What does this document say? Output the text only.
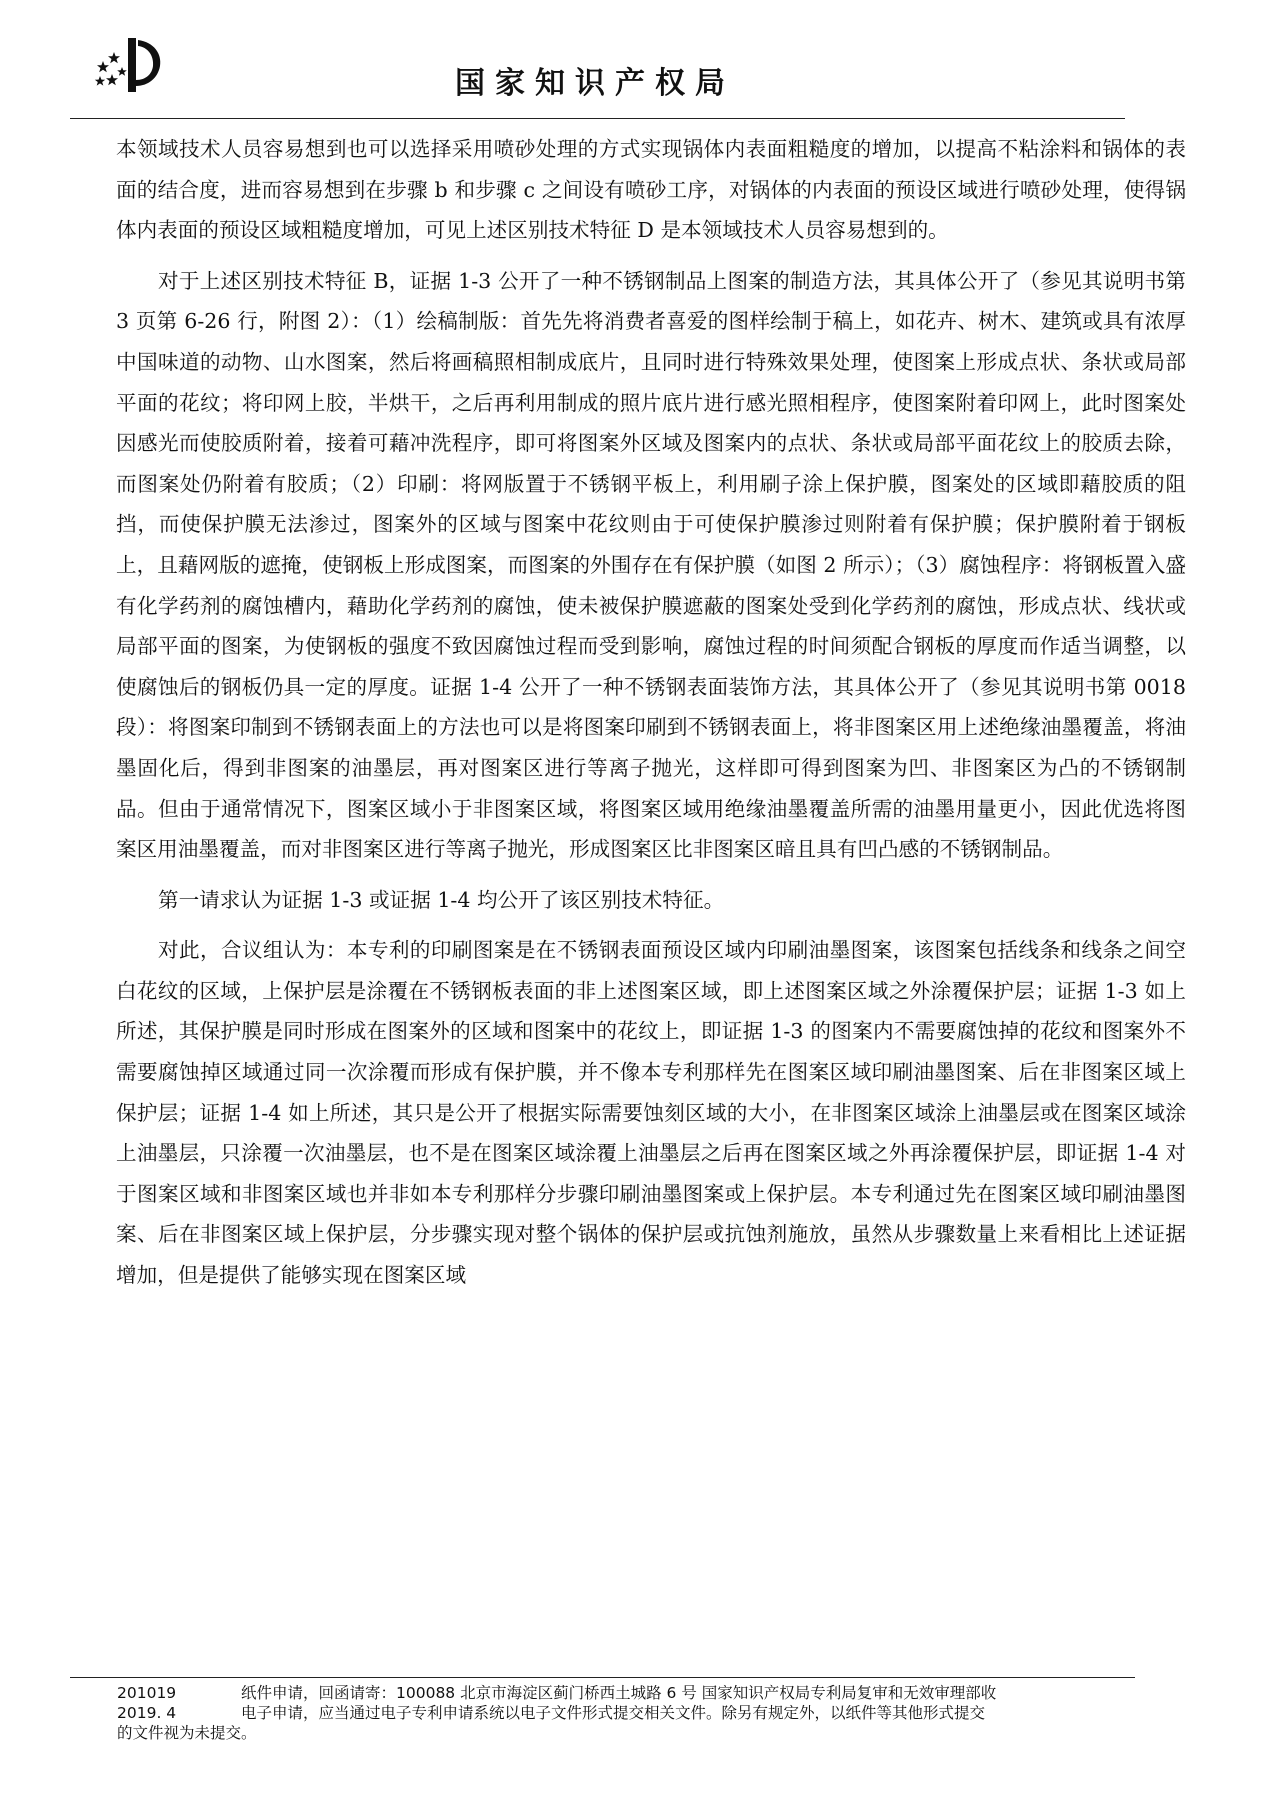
国家知识产权局

本领域技术人员容易想到也可以选择采用喷砂处理的方式实现锅体内表面粗糙度的增加，以提高不粘涂料和锅体的表面的结合度，进而容易想到在步骤 b 和步骤 c 之间设有喷砂工序，对锅体的内表面的预设区域进行喷砂处理，使得锅体内表面的预设区域粗糙度增加，可见上述区别技术特征 D 是本领域技术人员容易想到的。

对于上述区别技术特征 B，证据 1-3 公开了一种不锈钢制品上图案的制造方法，其具体公开了（参见其说明书第 3 页第 6-26 行，附图 2）：（1）绘稿制版：首先先将消费者喜爱的图样绘制于稿上，如花卉、树木、建筑或具有浓厚中国味道的动物、山水图案，然后将画稿照相制成底片，且同时进行特殊效果处理，使图案上形成点状、条状或局部平面的花纹；将印网上胶，半烘干，之后再利用制成的照片底片进行感光照相程序，使图案附着印网上，此时图案处因感光而使胶质附着，接着可藉冲洗程序，即可将图案外区域及图案内的点状、条状或局部平面花纹上的胶质去除，而图案处仍附着有胶质；（2）印刷：将网版置于不锈钢平板上，利用刷子涂上保护膜，图案处的区域即藉胶质的阻挡，而使保护膜无法渗过，图案外的区域与图案中花纹则由于可使保护膜渗过则附着有保护膜；保护膜附着于钢板上，且藉网版的遮掩，使钢板上形成图案，而图案的外围存在有保护膜（如图 2 所示）；（3）腐蚀程序：将钢板置入盛有化学药剂的腐蚀槽内，藉助化学药剂的腐蚀，使未被保护膜遮蔽的图案处受到化学药剂的腐蚀，形成点状、线状或局部平面的图案，为使钢板的强度不致因腐蚀过程而受到影响，腐蚀过程的时间须配合钢板的厚度而作适当调整，以使腐蚀后的钢板仍具一定的厚度。证据 1-4 公开了一种不锈钢表面装饰方法，其具体公开了（参见其说明书第 0018 段）：将图案印制到不锈钢表面上的方法也可以是将图案印刷到不锈钢表面上，将非图案区用上述绝缘油墨覆盖，将油墨固化后，得到非图案的油墨层，再对图案区进行等离子抛光，这样即可得到图案为凹、非图案区为凸的不锈钢制品。但由于通常情况下，图案区域小于非图案区域，将图案区域用绝缘油墨覆盖所需的油墨用量更小，因此优选将图案区用油墨覆盖，而对非图案区进行等离子抛光，形成图案区比非图案区暗且具有凹凸感的不锈钢制品。

第一请求认为证据 1-3 或证据 1-4 均公开了该区别技术特征。

对此，合议组认为：本专利的印刷图案是在不锈钢表面预设区域内印刷油墨图案，该图案包括线条和线条之间空白花纹的区域，上保护层是涂覆在不锈钢板表面的非上述图案区域，即上述图案区域之外涂覆保护层；证据 1-3 如上所述，其保护膜是同时形成在图案外的区域和图案中的花纹上，即证据 1-3 的图案内不需要腐蚀掉的花纹和图案外不需要腐蚀掉区域通过同一次涂覆而形成有保护膜，并不像本专利那样先在图案区域印刷油墨图案、后在非图案区域上保护层；证据 1-4 如上所述，其只是公开了根据实际需要蚀刻区域的大小，在非图案区域涂上油墨层或在图案区域涂上油墨层，只涂覆一次油墨层，也不是在图案区域涂覆上油墨层之后再在图案区域之外再涂覆保护层，即证据 1-4 对于图案区域和非图案区域也并非如本专利那样分步骤印刷油墨图案或上保护层。本专利通过先在图案区域印刷油墨图案、后在非图案区域上保护层，分步骤实现对整个锅体的保护层或抗蚀剂施放，虽然从步骤数量上来看相比上述证据增加，但是提供了能够实现在图案区域

201019	纸件申请，回函请寄：100088 北京市海淀区蓟门桥西土城路 6 号 国家知识产权局专利局复审和无效审理部收
2019. 4	电子申请，应当通过电子专利申请系统以电子文件形式提交相关文件。除另有规定外，以纸件等其他形式提交
的文件视为未提交。
